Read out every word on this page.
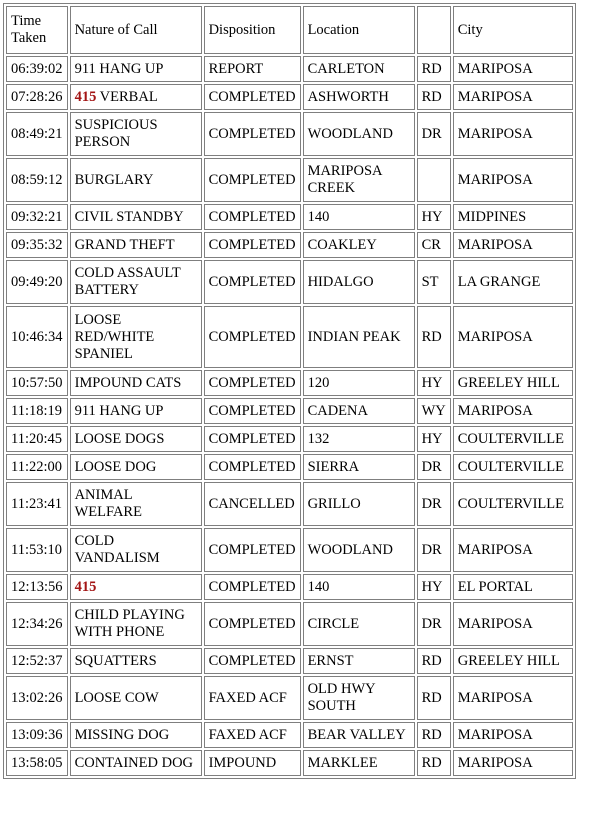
Time Taken	Nature of Call	Disposition	Location		City
06:39:02	911 HANG UP	REPORT	CARLETON	RD	MARIPOSA
07:28:26	415 VERBAL	COMPLETED	ASHWORTH	RD	MARIPOSA
08:49:21	SUSPICIOUS PERSON	COMPLETED	WOODLAND	DR	MARIPOSA
08:59:12	BURGLARY	COMPLETED	MARIPOSA CREEK		MARIPOSA
09:32:21	CIVIL STANDBY	COMPLETED	140	HY	MIDPINES
09:35:32	GRAND THEFT	COMPLETED	COAKLEY	CR	MARIPOSA
09:49:20	COLD ASSAULT BATTERY	COMPLETED	HIDALGO	ST	LA GRANGE
10:46:34	LOOSE RED/WHITE SPANIEL	COMPLETED	INDIAN PEAK	RD	MARIPOSA
10:57:50	IMPOUND CATS	COMPLETED	120	HY	GREELEY HILL
11:18:19	911 HANG UP	COMPLETED	CADENA	WY	MARIPOSA
11:20:45	LOOSE DOGS	COMPLETED	132	HY	COULTERVILLE
11:22:00	LOOSE DOG	COMPLETED	SIERRA	DR	COULTERVILLE
11:23:41	ANIMAL WELFARE	CANCELLED	GRILLO	DR	COULTERVILLE
11:53:10	COLD VANDALISM	COMPLETED	WOODLAND	DR	MARIPOSA
12:13:56	415	COMPLETED	140	HY	EL PORTAL
12:34:26	CHILD PLAYING WITH PHONE	COMPLETED	CIRCLE	DR	MARIPOSA
12:52:37	SQUATTERS	COMPLETED	ERNST	RD	GREELEY HILL
13:02:26	LOOSE COW	FAXED ACF	OLD HWY SOUTH	RD	MARIPOSA
13:09:36	MISSING DOG	FAXED ACF	BEAR VALLEY	RD	MARIPOSA
13:58:05	CONTAINED DOG	IMPOUND	MARKLEE	RD	MARIPOSA
